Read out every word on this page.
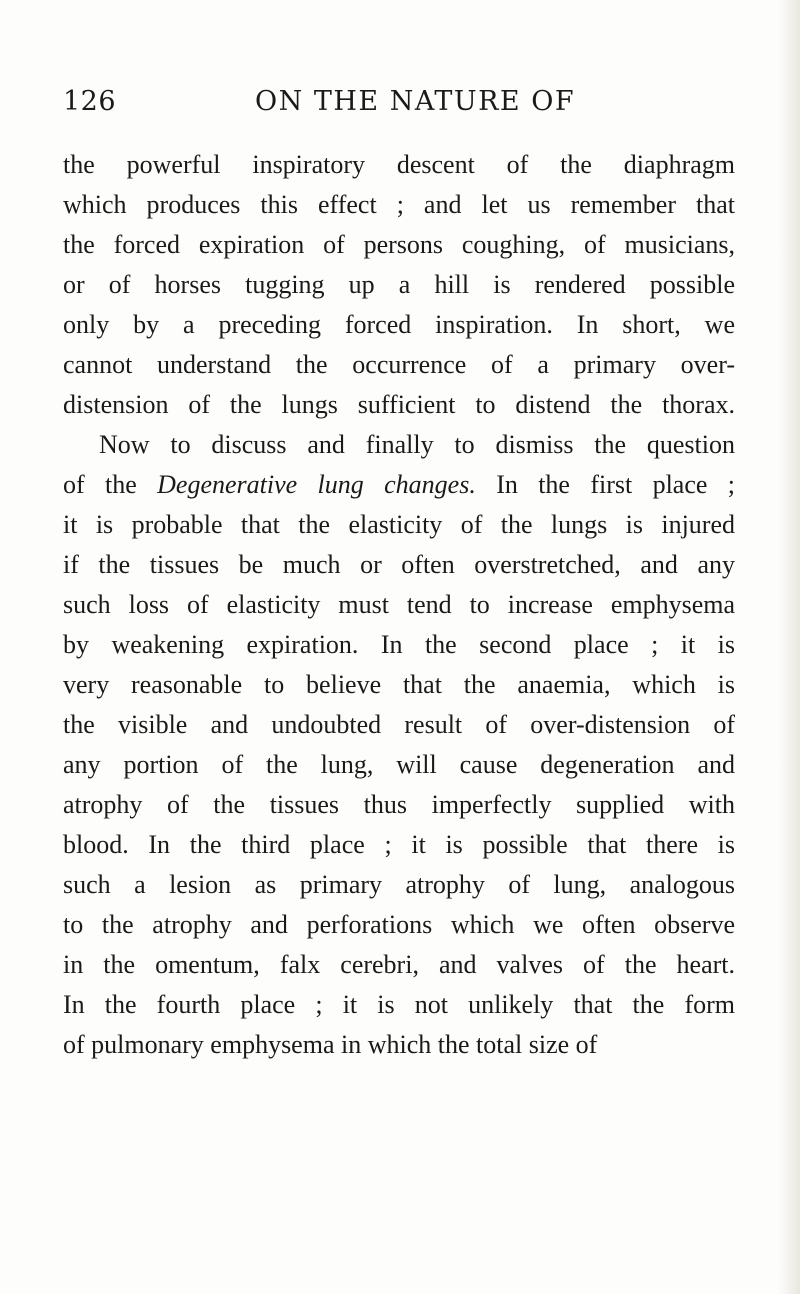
126	ON THE NATURE OF
the powerful inspiratory descent of the diaphragm
which produces this effect ; and let us remember that
the forced expiration of persons coughing, of musicians,
or of horses tugging up a hill is rendered possible
only by a preceding forced inspiration. In short, we
cannot understand the occurrence of a primary over-
distension of the lungs sufficient to distend the thorax.
Now to discuss and finally to dismiss the question
of the Degenerative lung changes. In the first place ;
it is probable that the elasticity of the lungs is injured
if the tissues be much or often overstretched, and any
such loss of elasticity must tend to increase emphysema
by weakening expiration. In the second place ; it is
very reasonable to believe that the anaemia, which is
the visible and undoubted result of over-distension of
any portion of the lung, will cause degeneration and
atrophy of the tissues thus imperfectly supplied with
blood. In the third place ; it is possible that there is
such a lesion as primary atrophy of lung, analogous
to the atrophy and perforations which we often observe
in the omentum, falx cerebri, and valves of the heart.
In the fourth place ; it is not unlikely that the form
of pulmonary emphysema in which the total size of
